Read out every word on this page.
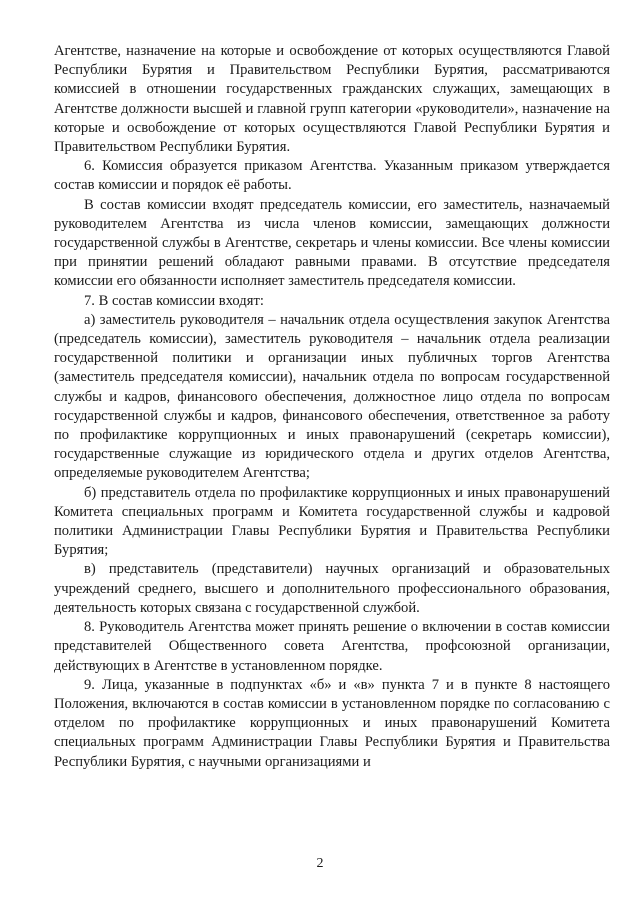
Агентстве, назначение на которые и освобождение от которых осуществляются Главой Республики Бурятия и Правительством Республики Бурятия, рассматриваются комиссией в отношении государственных гражданских служащих, замещающих в Агентстве должности высшей и главной групп категории «руководители», назначение на которые и освобождение от которых осуществляются Главой Республики Бурятия и Правительством Республики Бурятия.

6. Комиссия образуется приказом Агентства. Указанным приказом утверждается состав комиссии и порядок её работы.

В состав комиссии входят председатель комиссии, его заместитель, назначаемый руководителем Агентства из числа членов комиссии, замещающих должности государственной службы в Агентстве, секретарь и члены комиссии. Все члены комиссии при принятии решений обладают равными правами. В отсутствие председателя комиссии его обязанности исполняет заместитель председателя комиссии.

7. В состав комиссии входят:

а) заместитель руководителя – начальник отдела осуществления закупок Агентства (председатель комиссии), заместитель руководителя – начальник отдела реализации государственной политики и организации иных публичных торгов Агентства (заместитель председателя комиссии), начальник отдела по вопросам государственной службы и кадров, финансового обеспечения, должностное лицо отдела по вопросам государственной службы и кадров, финансового обеспечения, ответственное за работу по профилактике коррупционных и иных правонарушений (секретарь комиссии), государственные служащие из юридического отдела и других отделов Агентства, определяемые руководителем Агентства;

б) представитель отдела по профилактике коррупционных и иных правонарушений Комитета специальных программ и Комитета государственной службы и кадровой политики Администрации Главы Республики Бурятия и Правительства Республики Бурятия;

в) представитель (представители) научных организаций и образовательных учреждений среднего, высшего и дополнительного профессионального образования, деятельность которых связана с государственной службой.

8. Руководитель Агентства может принять решение о включении в состав комиссии представителей Общественного совета Агентства, профсоюзной организации, действующих в Агентстве в установленном порядке.

9. Лица, указанные в подпунктах «б» и «в» пункта 7 и в пункте 8 настоящего Положения, включаются в состав комиссии в установленном порядке по согласованию с отделом по профилактике коррупционных и иных правонарушений Комитета специальных программ Администрации Главы Республики Бурятия и Правительства Республики Бурятия, с научными организациями и

2
